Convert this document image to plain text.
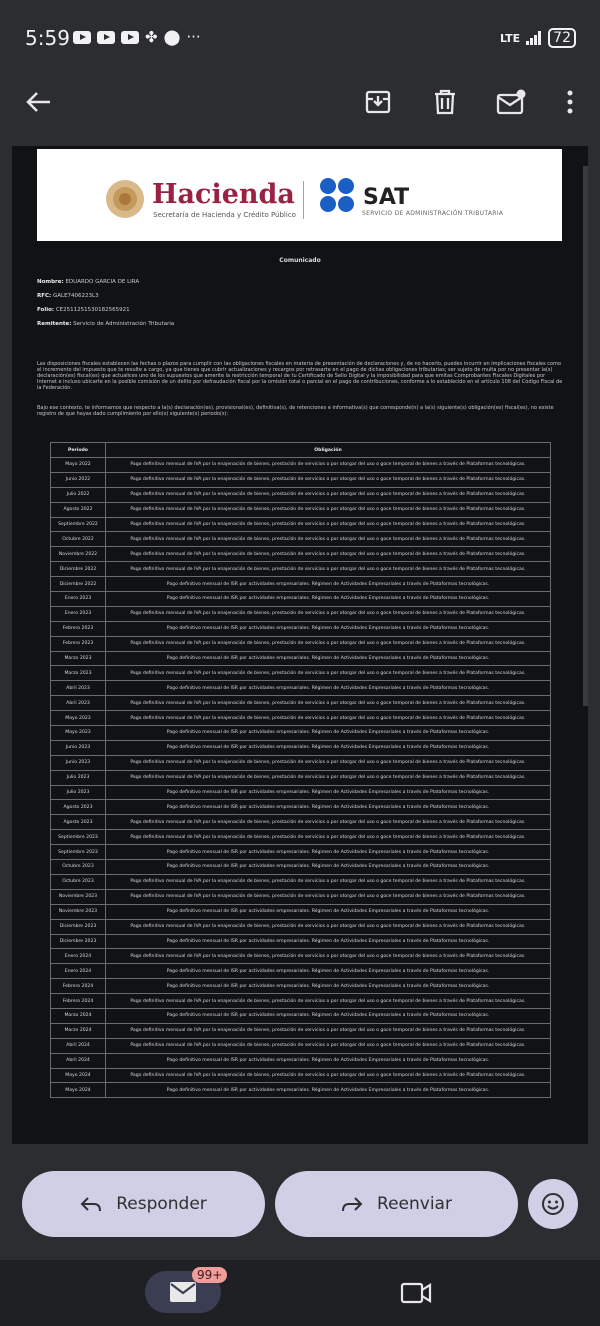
5:59	✤ ⬤ ···	LTE	72
Hacienda
Secretaría de Hacienda y Crédito Público
SAT
SERVICIO DE ADMINISTRACIÓN TRIBUTARIA
Comunicado
Nombre: EDUARDO GARCIA DE LIRA
RFC: GALE7406223L3
Folio: CE2511251530182565921
Remitente: Servicio de Administración Tributaria
Las disposiciones fiscales establecen las fechas o plazos para cumplir con las obligaciones fiscales en materia de presentación de declaraciones y, de no hacerlo, puedes incurrir en implicaciones fiscales como el incremento del impuesto que te resulte a cargo, ya que tienes que cubrir actualizaciones y recargos por retrasarte en el pago de dichas obligaciones tributarias; ser sujeto de multa por no presentar la(s) declaración(es) fiscal(es) que actualices uno de los supuestos que amerite la restricción temporal de tu Certificado de Sello Digital y la imposibilidad para que emitas Comprobantes Fiscales Digitales por Internet e incluso ubicarte en la posible comisión de un delito por defraudación fiscal por la omisión total o parcial en el pago de contribuciones, conforme a lo establecido en el artículo 108 del Código Fiscal de la Federación.
Bajo ese contexto, te informamos que respecto a la(s) declaración(es), provisional(es), definitiva(s), de retenciones e informativa(s) que corresponde(n) a la(s) siguiente(s) obligación(es) fiscal(es), no existe registro de que hayas dado cumplimiento por ello(s) siguiente(s) periodo(s):
Periodo	Obligación
Mayo 2022	Pago definitivo mensual de IVA por la enajenación de bienes, prestación de servicios o por otorgar del uso o goce temporal de bienes a través de Plataformas tecnológicas.
Junio 2022	Pago definitivo mensual de IVA por la enajenación de bienes, prestación de servicios o por otorgar del uso o goce temporal de bienes a través de Plataformas tecnológicas.
Julio 2022	Pago definitivo mensual de IVA por la enajenación de bienes, prestación de servicios o por otorgar del uso o goce temporal de bienes a través de Plataformas tecnológicas.
Agosto 2022	Pago definitivo mensual de IVA por la enajenación de bienes, prestación de servicios o por otorgar del uso o goce temporal de bienes a través de Plataformas tecnológicas.
Septiembre 2022	Pago definitivo mensual de IVA por la enajenación de bienes, prestación de servicios o por otorgar del uso o goce temporal de bienes a través de Plataformas tecnológicas.
Octubre 2022	Pago definitivo mensual de IVA por la enajenación de bienes, prestación de servicios o por otorgar del uso o goce temporal de bienes a través de Plataformas tecnológicas.
Noviembre 2022	Pago definitivo mensual de IVA por la enajenación de bienes, prestación de servicios o por otorgar del uso o goce temporal de bienes a través de Plataformas tecnológicas.
Diciembre 2022	Pago definitivo mensual de IVA por la enajenación de bienes, prestación de servicios o por otorgar del uso o goce temporal de bienes a través de Plataformas tecnológicas.
Diciembre 2022	Pago definitivo mensual de ISR por actividades empresariales. Régimen de Actividades Empresariales a través de Plataformas tecnológicas.
Enero 2023	Pago definitivo mensual de ISR por actividades empresariales. Régimen de Actividades Empresariales a través de Plataformas tecnológicas.
Enero 2023	Pago definitivo mensual de IVA por la enajenación de bienes, prestación de servicios o por otorgar del uso o goce temporal de bienes a través de Plataformas tecnológicas.
Febrero 2023	Pago definitivo mensual de ISR por actividades empresariales. Régimen de Actividades Empresariales a través de Plataformas tecnológicas.
Febrero 2023	Pago definitivo mensual de IVA por la enajenación de bienes, prestación de servicios o por otorgar del uso o goce temporal de bienes a través de Plataformas tecnológicas.
Marzo 2023	Pago definitivo mensual de ISR por actividades empresariales. Régimen de Actividades Empresariales a través de Plataformas tecnológicas.
Marzo 2023	Pago definitivo mensual de IVA por la enajenación de bienes, prestación de servicios o por otorgar del uso o goce temporal de bienes a través de Plataformas tecnológicas.
Abril 2023	Pago definitivo mensual de ISR por actividades empresariales. Régimen de Actividades Empresariales a través de Plataformas tecnológicas.
Abril 2023	Pago definitivo mensual de IVA por la enajenación de bienes, prestación de servicios o por otorgar del uso o goce temporal de bienes a través de Plataformas tecnológicas.
Mayo 2023	Pago definitivo mensual de IVA por la enajenación de bienes, prestación de servicios o por otorgar del uso o goce temporal de bienes a través de Plataformas tecnológicas.
Mayo 2023	Pago definitivo mensual de ISR por actividades empresariales. Régimen de Actividades Empresariales a través de Plataformas tecnológicas.
Junio 2023	Pago definitivo mensual de ISR por actividades empresariales. Régimen de Actividades Empresariales a través de Plataformas tecnológicas.
Junio 2023	Pago definitivo mensual de IVA por la enajenación de bienes, prestación de servicios o por otorgar del uso o goce temporal de bienes a través de Plataformas tecnológicas.
Julio 2023	Pago definitivo mensual de IVA por la enajenación de bienes, prestación de servicios o por otorgar del uso o goce temporal de bienes a través de Plataformas tecnológicas.
Julio 2023	Pago definitivo mensual de ISR por actividades empresariales. Régimen de Actividades Empresariales a través de Plataformas tecnológicas.
Agosto 2023	Pago definitivo mensual de ISR por actividades empresariales. Régimen de Actividades Empresariales a través de Plataformas tecnológicas.
Agosto 2023	Pago definitivo mensual de IVA por la enajenación de bienes, prestación de servicios o por otorgar del uso o goce temporal de bienes a través de Plataformas tecnológicas.
Septiembre 2023	Pago definitivo mensual de IVA por la enajenación de bienes, prestación de servicios o por otorgar del uso o goce temporal de bienes a través de Plataformas tecnológicas.
Septiembre 2023	Pago definitivo mensual de ISR por actividades empresariales. Régimen de Actividades Empresariales a través de Plataformas tecnológicas.
Octubre 2023	Pago definitivo mensual de ISR por actividades empresariales. Régimen de Actividades Empresariales a través de Plataformas tecnológicas.
Octubre 2023	Pago definitivo mensual de IVA por la enajenación de bienes, prestación de servicios o por otorgar del uso o goce temporal de bienes a través de Plataformas tecnológicas.
Noviembre 2023	Pago definitivo mensual de IVA por la enajenación de bienes, prestación de servicios o por otorgar del uso o goce temporal de bienes a través de Plataformas tecnológicas.
Noviembre 2023	Pago definitivo mensual de ISR por actividades empresariales. Régimen de Actividades Empresariales a través de Plataformas tecnológicas.
Diciembre 2023	Pago definitivo mensual de IVA por la enajenación de bienes, prestación de servicios o por otorgar del uso o goce temporal de bienes a través de Plataformas tecnológicas.
Diciembre 2023	Pago definitivo mensual de ISR por actividades empresariales. Régimen de Actividades Empresariales a través de Plataformas tecnológicas.
Enero 2024	Pago definitivo mensual de IVA por la enajenación de bienes, prestación de servicios o por otorgar del uso o goce temporal de bienes a través de Plataformas tecnológicas.
Enero 2024	Pago definitivo mensual de ISR por actividades empresariales. Régimen de Actividades Empresariales a través de Plataformas tecnológicas.
Febrero 2024	Pago definitivo mensual de ISR por actividades empresariales. Régimen de Actividades Empresariales a través de Plataformas tecnológicas.
Febrero 2024	Pago definitivo mensual de IVA por la enajenación de bienes, prestación de servicios o por otorgar del uso o goce temporal de bienes a través de Plataformas tecnológicas.
Marzo 2024	Pago definitivo mensual de ISR por actividades empresariales. Régimen de Actividades Empresariales a través de Plataformas tecnológicas.
Marzo 2024	Pago definitivo mensual de IVA por la enajenación de bienes, prestación de servicios o por otorgar del uso o goce temporal de bienes a través de Plataformas tecnológicas.
Abril 2024	Pago definitivo mensual de IVA por la enajenación de bienes, prestación de servicios o por otorgar del uso o goce temporal de bienes a través de Plataformas tecnológicas.
Abril 2024	Pago definitivo mensual de ISR por actividades empresariales. Régimen de Actividades Empresariales a través de Plataformas tecnológicas.
Mayo 2024	Pago definitivo mensual de IVA por la enajenación de bienes, prestación de servicios o por otorgar del uso o goce temporal de bienes a través de Plataformas tecnológicas.
Mayo 2024	Pago definitivo mensual de ISR por actividades empresariales. Régimen de Actividades Empresariales a través de Plataformas tecnológicas.
Responder	Reenviar
99+
